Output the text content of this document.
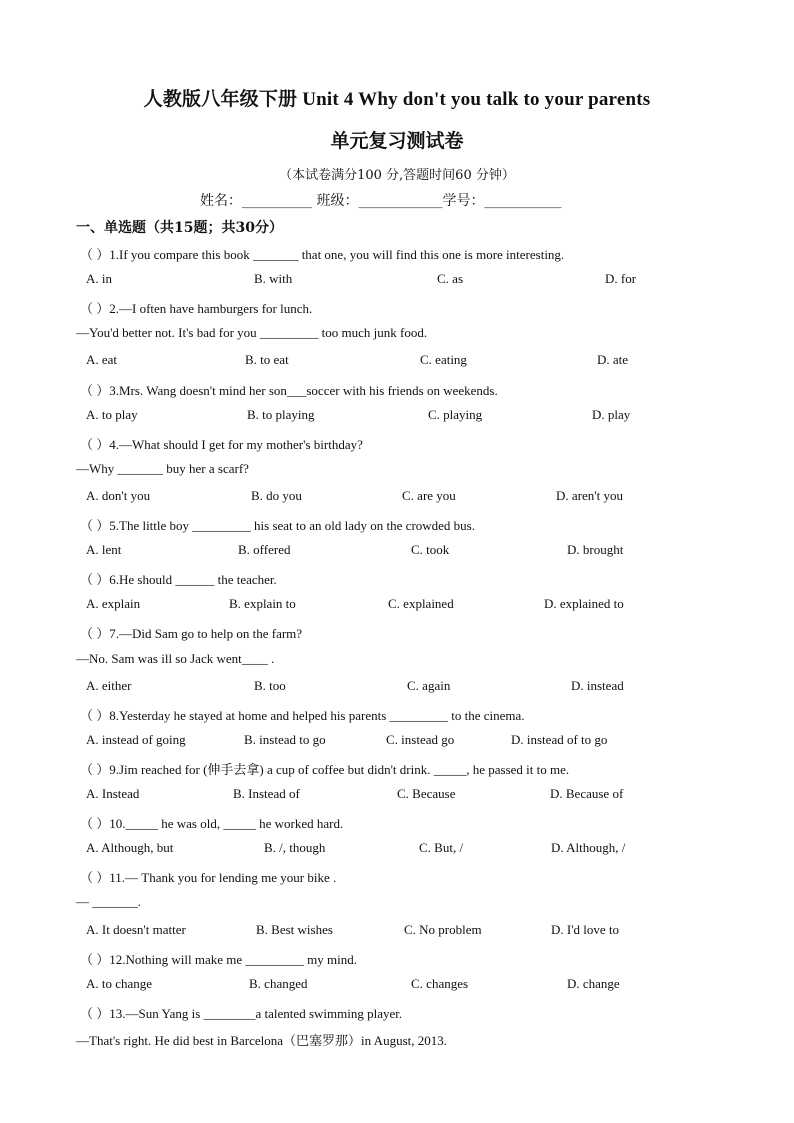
人教版八年级下册 Unit 4 Why don't you talk to your parents
单元复习测试卷
（本试卷满分100 分,答题时间60 分钟）
姓名：__________ 班级：____________学号：___________
一、单选题（共15题；共30分）
（ ）1.If you compare this book _______ that one, you will find this one is more interesting.
A. in	B. with	C. as	D. for
（ ）2.—I often have hamburgers for lunch.
—You'd better not. It's bad for you _________ too much junk food.
A. eat	B. to eat	C. eating	D. ate
（ ）3.Mrs. Wang doesn't mind her son___soccer with his friends on weekends.
A. to play	B. to playing	C. playing	D. play
（ ）4.—What should I get for my mother's birthday?
—Why _______ buy her a scarf?
A. don't you	B. do you	C. are you	D. aren't you
（ ）5.The little boy _________ his seat to an old lady on the crowded bus.
A. lent	B. offered	C. took	D. brought
（ ）6.He should ______ the teacher.
A. explain	B. explain to	C. explained	D. explained to
（ ）7.—Did Sam go to help on the farm?
—No. Sam was ill so Jack went____ .
A. either	B. too	C. again	D. instead
（ ）8.Yesterday he stayed at home and helped his parents _________ to the cinema.
A. instead of going	B. instead to go	C. instead go	D. instead of to go
（ ）9.Jim reached for (伸手去拿) a cup of coffee but didn't drink. _____, he passed it to me.
A. Instead	B. Instead of	C. Because	D. Because of
（ ）10._____ he was old, _____ he worked hard.
A. Although, but	B. /, though	C. But, /	D. Although, /
（ ）11.— Thank you for lending me your bike .
— _______.
A. It doesn't matter	B. Best wishes	C. No problem	D. I'd love to
（ ）12.Nothing will make me _________ my mind.
A. to change	B. changed	C. changes	D. change
（ ）13.—Sun Yang is ________a talented swimming player.
—That's right. He did best in Barcelona（巴塞罗那）in August, 2013.
